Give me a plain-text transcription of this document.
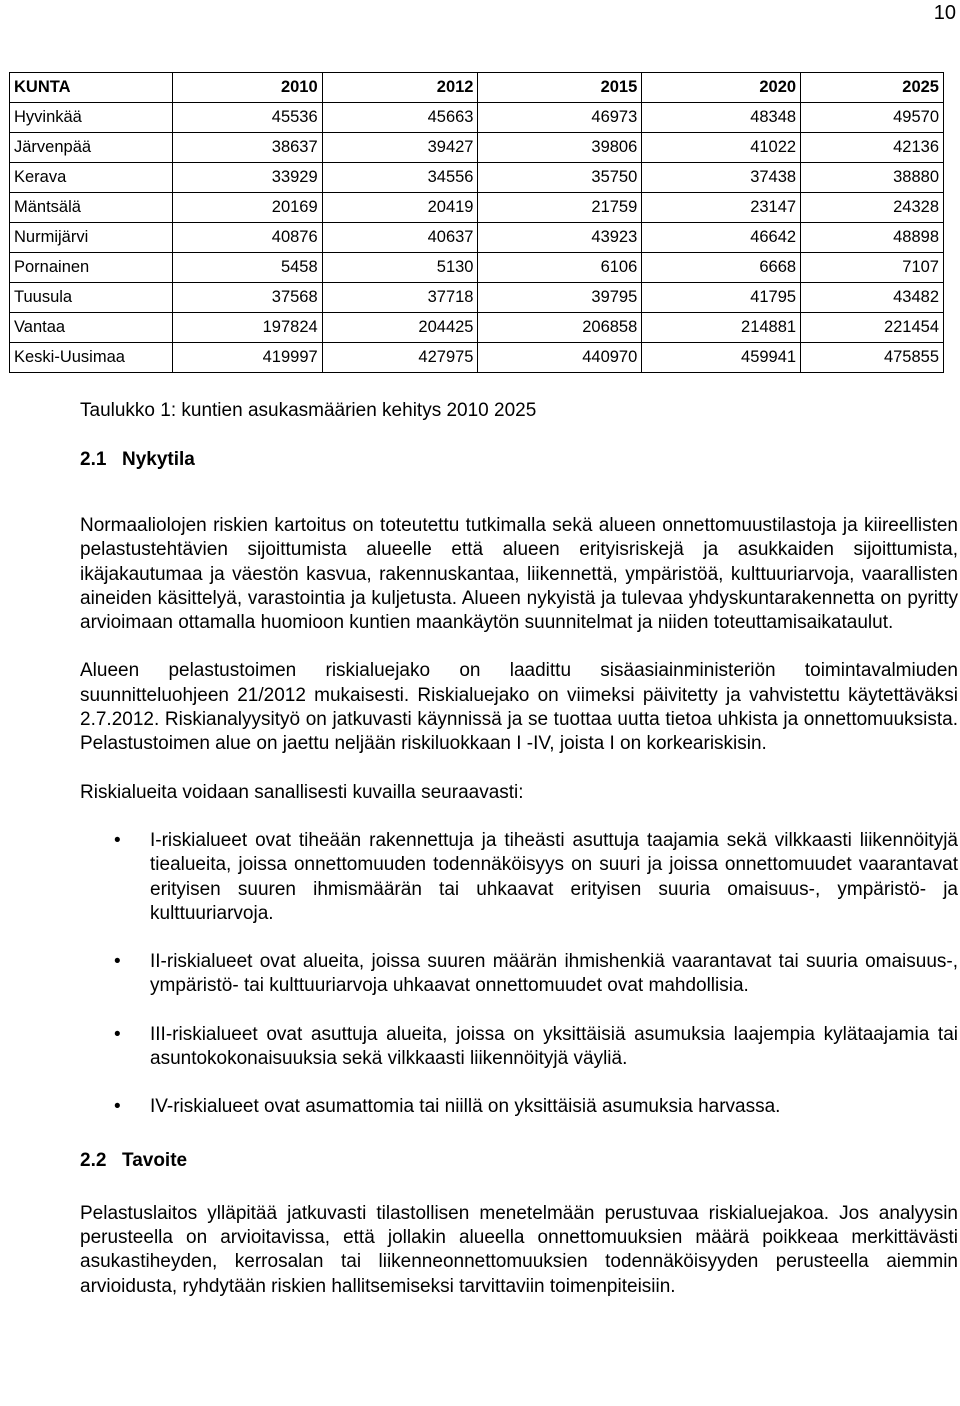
10
KUNTA	2010	2012	2015	2020	2025
Hyvinkää	45536	45663	46973	48348	49570
Järvenpää	38637	39427	39806	41022	42136
Kerava	33929	34556	35750	37438	38880
Mäntsälä	20169	20419	21759	23147	24328
Nurmijärvi	40876	40637	43923	46642	48898
Pornainen	5458	5130	6106	6668	7107
Tuusula	37568	37718	39795	41795	43482
Vantaa	197824	204425	206858	214881	221454
Keski-Uusimaa	419997	427975	440970	459941	475855

Taulukko 1: kuntien asukasmäärien kehitys 2010 2025

2.1 Nykytila

Normaaliolojen riskien kartoitus on toteutettu tutkimalla sekä alueen onnettomuustilastoja ja kiireellisten pelastustehtävien sijoittumista alueelle että alueen erityisriskejä ja asukkaiden sijoittumista, ikäjakautumaa ja väestön kasvua, rakennuskantaa, liikennettä, ympäristöä, kulttuuriarvoja, vaarallisten aineiden käsittelyä, varastointia ja kuljetusta. Alueen nykyistä ja tulevaa yhdyskuntarakennetta on pyritty arvioimaan ottamalla huomioon kuntien maankäytön suunnitelmat ja niiden toteuttamisaikataulut.

Alueen pelastustoimen riskialuejako on laadittu sisäasiainministeriön toimintavalmiuden suunnitteluohjeen 21/2012 mukaisesti. Riskialuejako on viimeksi päivitetty ja vahvistettu käytettäväksi 2.7.2012. Riskianalyysityö on jatkuvasti käynnissä ja se tuottaa uutta tietoa uhkista ja onnettomuuksista. Pelastustoimen alue on jaettu neljään riskiluokkaan I -IV, joista I on korkeariskisin.

Riskialueita voidaan sanallisesti kuvailla seuraavasti:

• I-riskialueet ovat tiheään rakennettuja ja tiheästi asuttuja taajamia sekä vilkkaasti liikennöityjä tiealueita, joissa onnettomuuden todennäköisyys on suuri ja joissa onnettomuudet vaarantavat erityisen suuren ihmismäärän tai uhkaavat erityisen suuria omaisuus-, ympäristö- ja kulttuuriarvoja.
• II-riskialueet ovat alueita, joissa suuren määrän ihmishenkiä vaarantavat tai suuria omaisuus-, ympäristö- tai kulttuuriarvoja uhkaavat onnettomuudet ovat mahdollisia.
• III-riskialueet ovat asuttuja alueita, joissa on yksittäisiä asumuksia laajempia kylätaajamia tai asuntokokonaisuuksia sekä vilkkaasti liikennöityjä väyliä.
• IV-riskialueet ovat asumattomia tai niillä on yksittäisiä asumuksia harvassa.
2.2 Tavoite

Pelastuslaitos ylläpitää jatkuvasti tilastollisen menetelmään perustuvaa riskialuejakoa. Jos analyysin perusteella on arvioitavissa, että jollakin alueella onnettomuuksien määrä poikkeaa merkittävästi asukastiheyden, kerrosalan tai liikenneonnettomuuksien todennäköisyyden perusteella aiemmin arvioidusta, ryhdytään riskien hallitsemiseksi tarvittaviin toimenpiteisiin.
